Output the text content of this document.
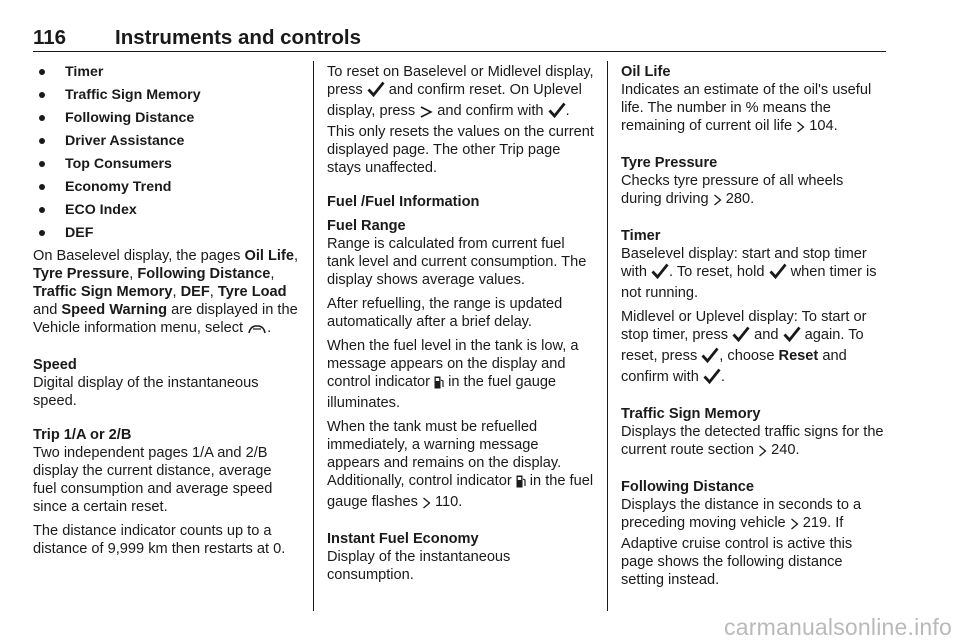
116 Instruments and controls
Timer
Traffic Sign Memory
Following Distance
Driver Assistance
Top Consumers
Economy Trend
ECO Index
DEF

On Baselevel display, the pages Oil Life, Tyre Pressure, Following Distance, Traffic Sign Memory, DEF, Tyre Load and Speed Warning are displayed in the Vehicle information menu, select .

Speed

Digital display of the instantaneous speed.

Trip 1/A or 2/B

Two independent pages 1/A and 2/B display the current distance, average fuel consumption and average speed since a certain reset.

The distance indicator counts up to a distance of 9,999 km then restarts at 0.

To reset on Baselevel or Midlevel display, press  and confirm reset. On Uplevel display, press  and confirm with . This only resets the values on the current displayed page. The other Trip page stays unaffected.

Fuel /Fuel Information

Fuel Range

Range is calculated from current fuel tank level and current consumption. The display shows average values.

After refuelling, the range is updated automatically after a brief delay.

When the fuel level in the tank is low, a message appears on the display and control indicator  in the fuel gauge illuminates.

When the tank must be refuelled immediately, a warning message appears and remains on the display. Additionally, control indicator  in the fuel gauge flashes  110.

Instant Fuel Economy

Display of the instantaneous consumption.

Oil Life

Indicates an estimate of the oil's useful life. The number in % means the remaining of current oil life  104.

Tyre Pressure

Checks tyre pressure of all wheels during driving  280.

Timer

Baselevel display: start and stop timer with . To reset, hold  when timer is not running.

Midlevel or Uplevel display: To start or stop timer, press  and  again. To reset, press , choose Reset and confirm with .

Traffic Sign Memory

Displays the detected traffic signs for the current route section  240.

Following Distance

Displays the distance in seconds to a preceding moving vehicle  219. If Adaptive cruise control is active this page shows the following distance setting instead.

carmanualsonline.info
